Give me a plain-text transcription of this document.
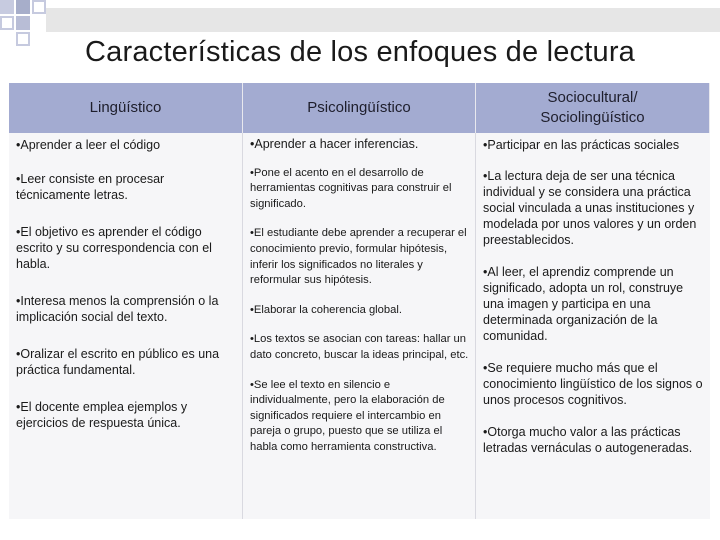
Características de los enfoques de lectura
Lingüístico	Psicolingüístico
Sociocultural/ Sociolingüístico

•Aprender a leer el código

•Leer consiste en procesar técnicamente letras.

•El objetivo es aprender el código escrito y su correspondencia con el habla.

•Interesa menos la comprensión o la implicación social del texto.

•Oralizar el escrito en público es una práctica fundamental.

•El docente emplea ejemplos y ejercicios de respuesta única.

•Aprender a hacer inferencias.

•Pone el acento en el desarrollo de herramientas cognitivas para construir el significado.

•El estudiante debe aprender a recuperar el conocimiento previo, formular hipótesis, inferir los significados no literales y reformular sus hipótesis.

•Elaborar la coherencia global.

•Los textos se asocian con tareas: hallar un dato concreto, buscar la ideas principal, etc.

•Se lee el texto en silencio e individualmente, pero la elaboración de significados requiere el intercambio en pareja o grupo, puesto que se utiliza el habla como herramienta constructiva.

•Participar en las prácticas sociales

•La lectura deja de ser una técnica individual y se considera una práctica social vinculada a unas instituciones y modelada por unos valores y un orden preestablecidos.

•Al leer, el aprendiz comprende un significado, adopta un rol, construye una imagen y participa en una determinada organización de la comunidad.

•Se requiere mucho más que el conocimiento lingüístico de los signos o unos procesos cognitivos.

•Otorga mucho valor a las prácticas letradas vernáculas o autogeneradas.
